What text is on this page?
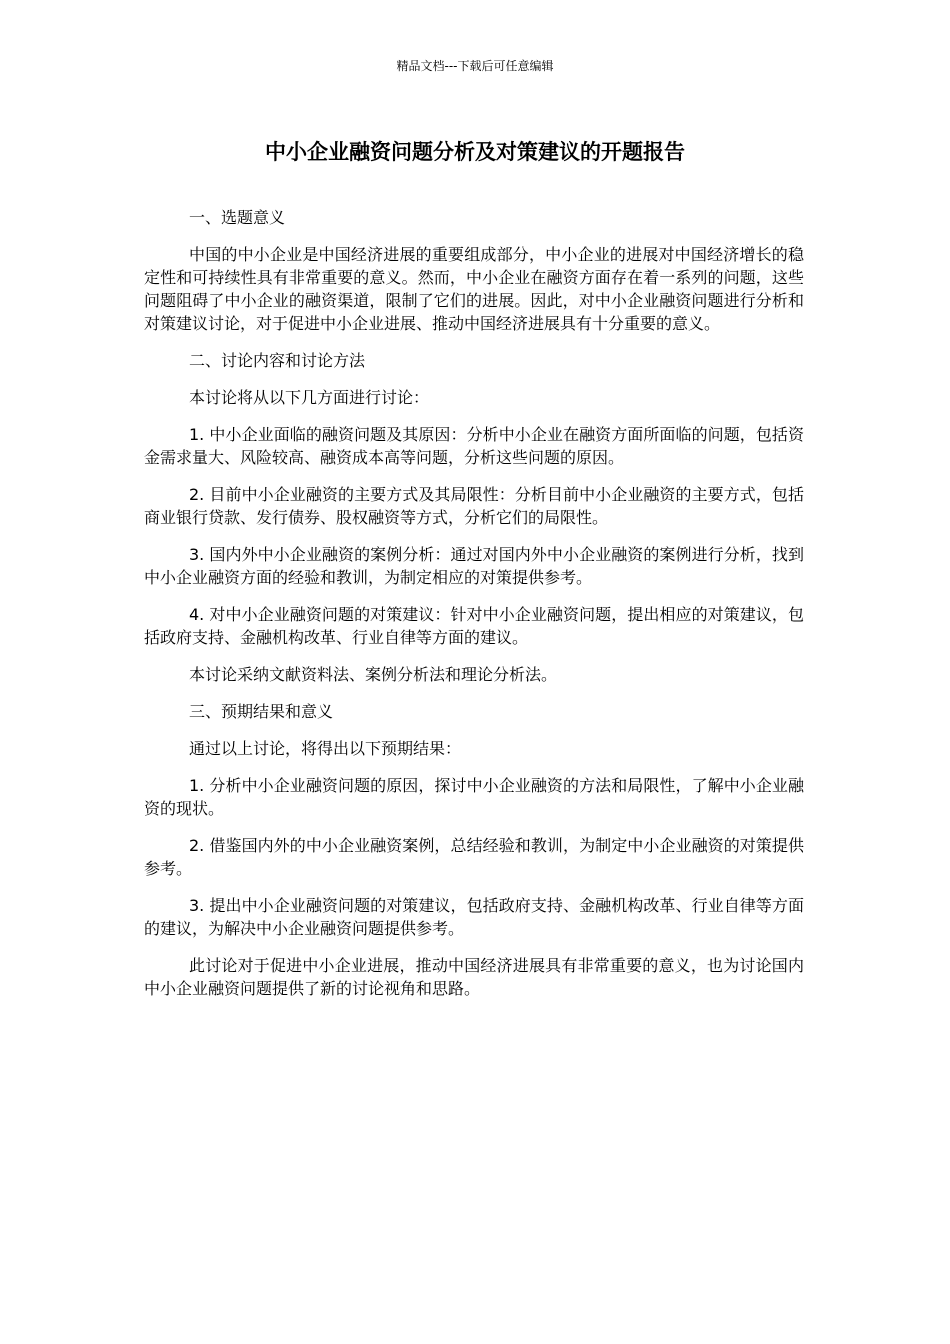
精品文档---下载后可任意编辑
中小企业融资问题分析及对策建议的开题报告

一、选题意义

中国的中小企业是中国经济进展的重要组成部分，中小企业的进展对中国经济增长的稳定性和可持续性具有非常重要的意义。然而，中小企业在融资方面存在着一系列的问题，这些问题阻碍了中小企业的融资渠道，限制了它们的进展。因此，对中小企业融资问题进行分析和对策建议讨论，对于促进中小企业进展、推动中国经济进展具有十分重要的意义。

二、讨论内容和讨论方法

本讨论将从以下几方面进行讨论：

1. 中小企业面临的融资问题及其原因：分析中小企业在融资方面所面临的问题，包括资金需求量大、风险较高、融资成本高等问题，分析这些问题的原因。

2. 目前中小企业融资的主要方式及其局限性：分析目前中小企业融资的主要方式，包括商业银行贷款、发行债券、股权融资等方式，分析它们的局限性。

3. 国内外中小企业融资的案例分析：通过对国内外中小企业融资的案例进行分析，找到中小企业融资方面的经验和教训，为制定相应的对策提供参考。

4. 对中小企业融资问题的对策建议：针对中小企业融资问题，提出相应的对策建议，包括政府支持、金融机构改革、行业自律等方面的建议。

本讨论采纳文献资料法、案例分析法和理论分析法。

三、预期结果和意义

通过以上讨论，将得出以下预期结果：

1. 分析中小企业融资问题的原因，探讨中小企业融资的方法和局限性，了解中小企业融资的现状。

2. 借鉴国内外的中小企业融资案例，总结经验和教训，为制定中小企业融资的对策提供参考。

3. 提出中小企业融资问题的对策建议，包括政府支持、金融机构改革、行业自律等方面的建议，为解决中小企业融资问题提供参考。

此讨论对于促进中小企业进展，推动中国经济进展具有非常重要的意义，也为讨论国内中小企业融资问题提供了新的讨论视角和思路。
